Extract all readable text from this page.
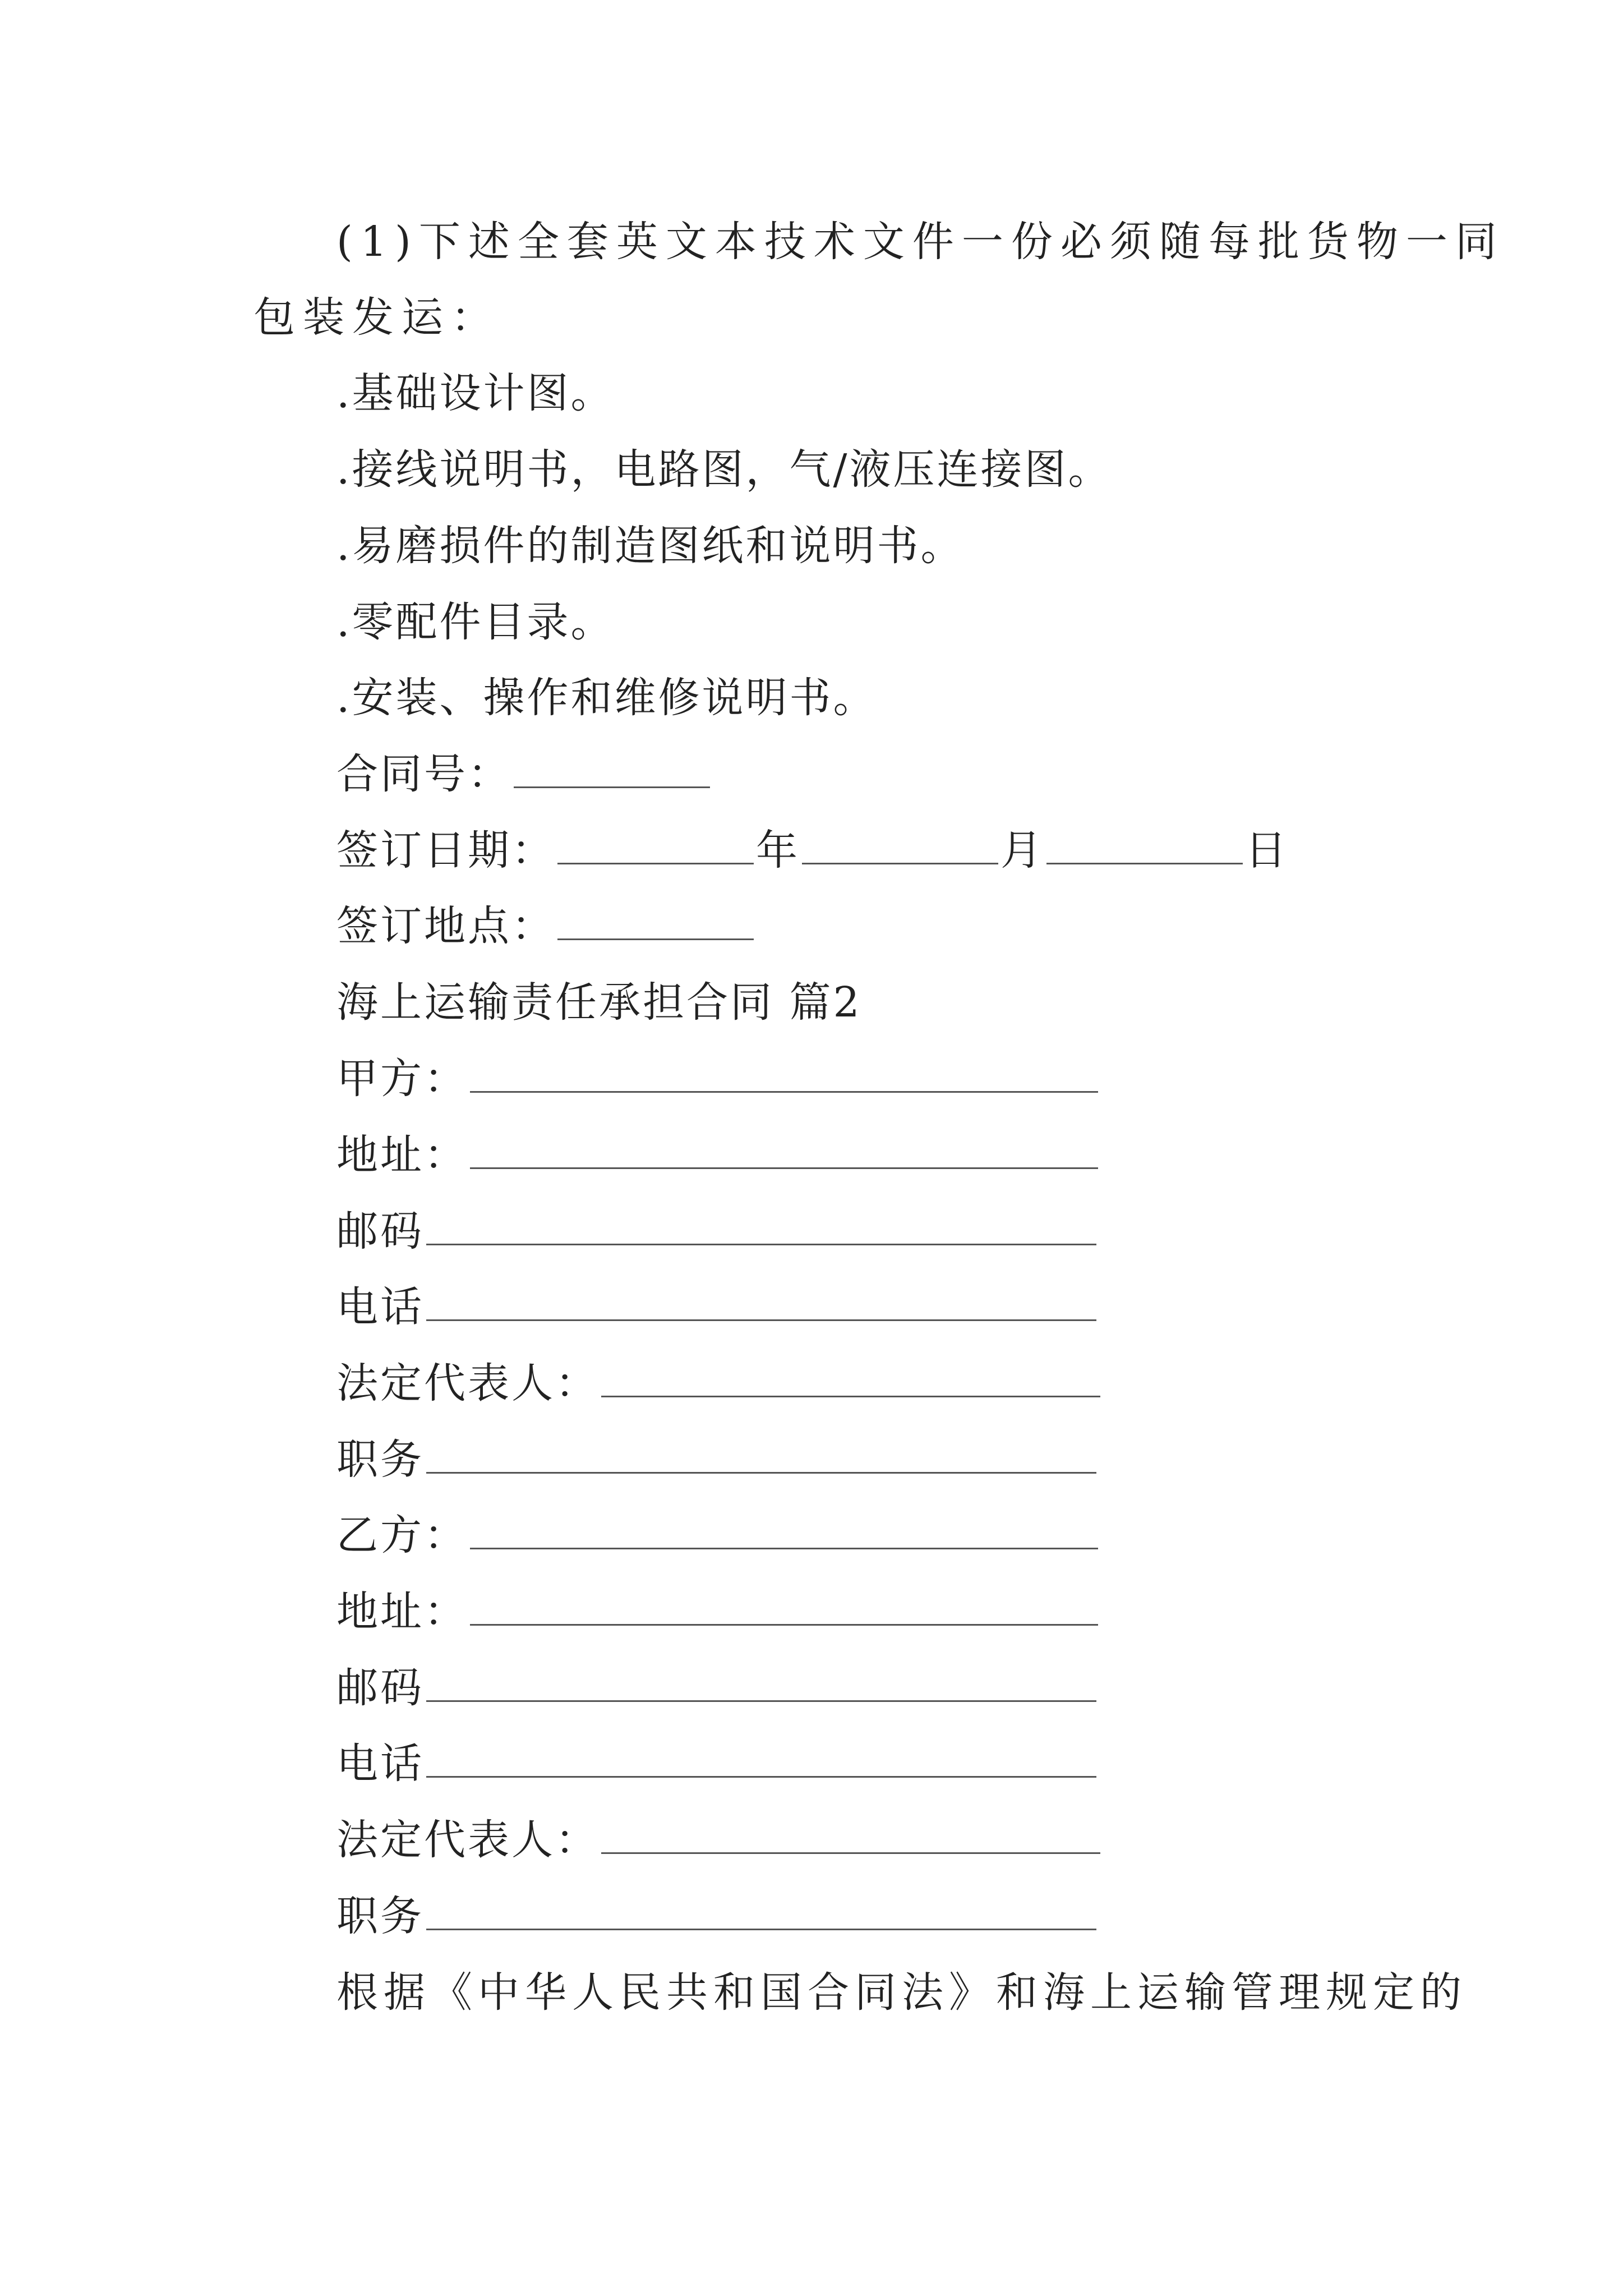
(1)下述全套英文本技术文件一份必须随每批货物一同
包装发运：
.基础设计图。
.接线说明书，电路图，气/液压连接图。
.易磨损件的制造图纸和说明书。
.零配件目录。
.安装、操作和维修说明书。
合同号：
签订日期：	年	月	日
签订地点：
海上运输责任承担合同 篇2
甲方：
地址：
邮码
电话
法定代表人：
职务
乙方：
地址：
邮码
电话
法定代表人：
职务
根据《中华人民共和国合同法》和海上运输管理规定的
